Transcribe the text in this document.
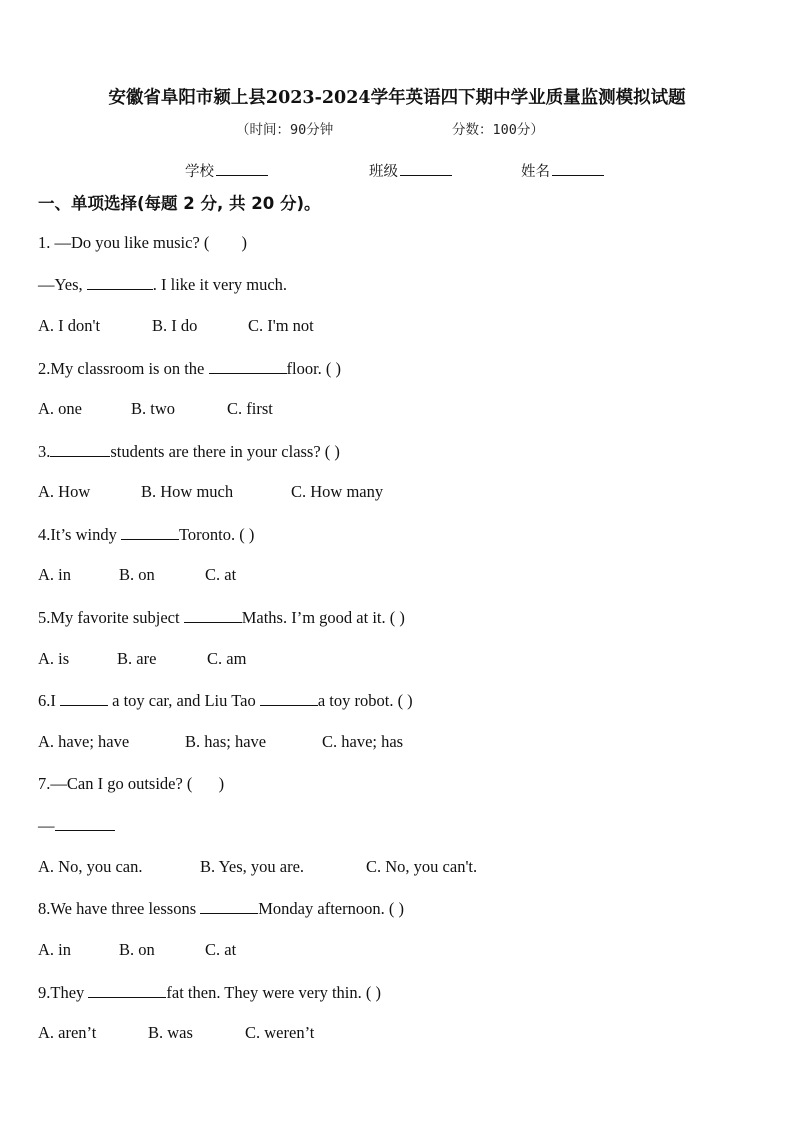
安徽省阜阳市颍上县2023-2024学年英语四下期中学业质量监测模拟试题
（时间：90分钟	分数：100分）
学校	班级	姓名
一、单项选择(每题 2 分, 共 20 分)。
1. —Do you like music? ( )
—Yes,	. I like it very much.
A. I don't	B. I do	C. I'm not
2.My classroom is on the	floor. ( )
A. one	B. two	C. first
3.	students are there in your class? ( )
A. How	B. How much	C. How many
4.It’s windy	Toronto. ( )
A. in	B. on	C. at
5.My favorite subject	Maths. I’m good at it. ( )
A. is	B. are	C. am
6.I	a toy car, and Liu Tao	a toy robot. ( )
A. have; have	B. has; have	C. have; has
7.—Can I go outside? ( )
—
A. No, you can.	B. Yes, you are.	C. No, you can't.
8.We have three lessons	Monday afternoon. ( )
A. in	B. on	C. at
9.They	fat then. They were very thin. ( )
A. aren’t	B. was	C. weren’t
